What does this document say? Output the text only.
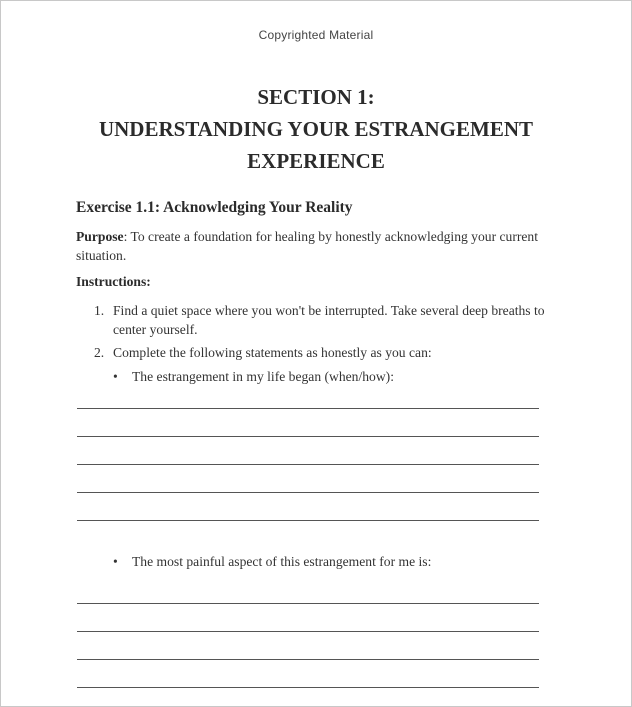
Copyrighted Material
SECTION 1:
UNDERSTANDING YOUR ESTRANGEMENT
EXPERIENCE
Exercise 1.1: Acknowledging Your Reality
Purpose: To create a foundation for healing by honestly acknowledging your current situation.
Instructions:
1. Find a quiet space where you won't be interrupted. Take several deep breaths to center yourself.
2. Complete the following statements as honestly as you can:
• The estrangement in my life began (when/how):
• The most painful aspect of this estrangement for me is:
